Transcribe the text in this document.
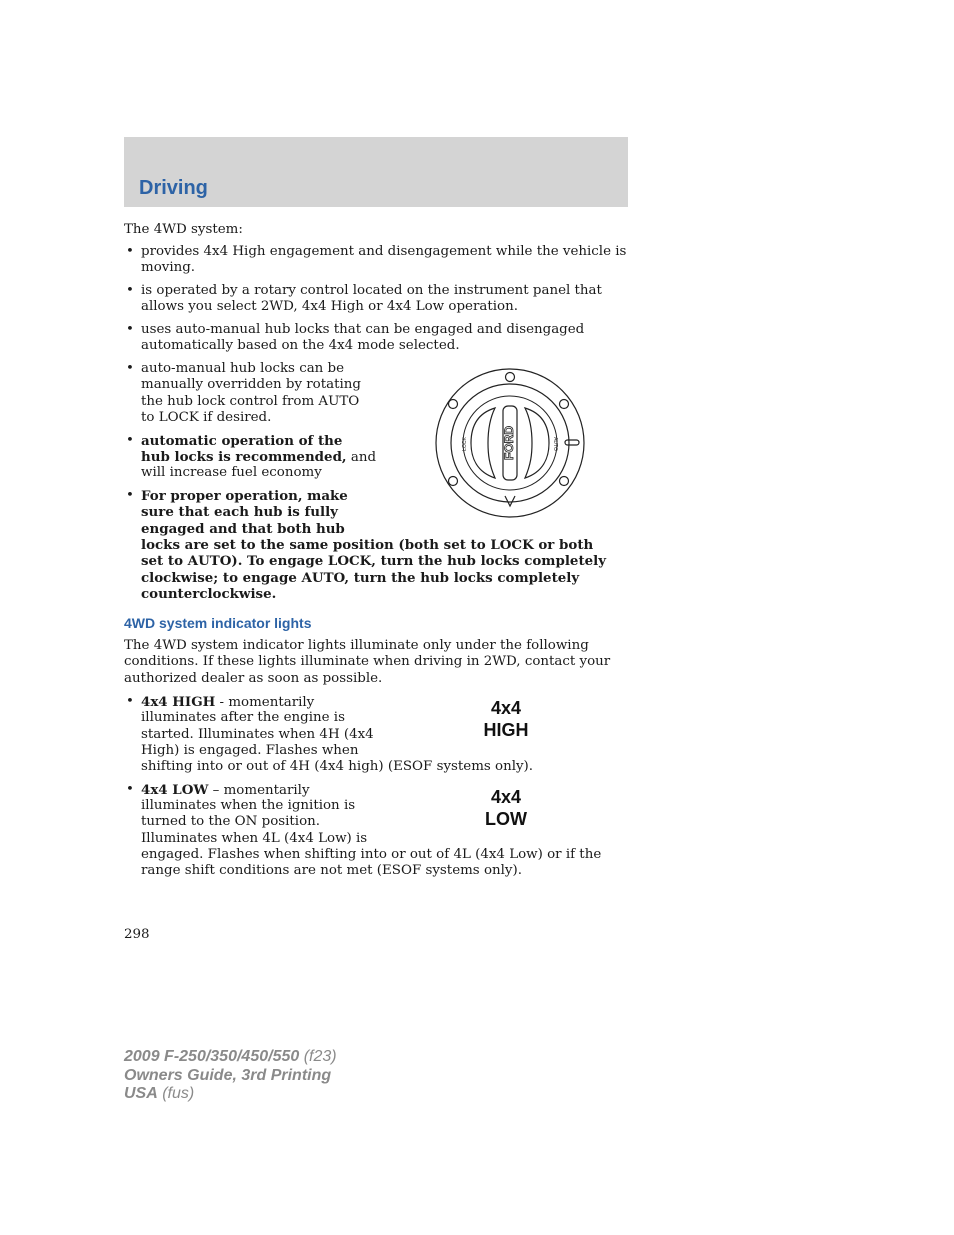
Driving
The 4WD system:
• provides 4x4 High engagement and disengagement while the vehicle is
moving.
• is operated by a rotary control located on the instrument panel that
allows you select 2WD, 4x4 High or 4x4 Low operation.
• uses auto-manual hub locks that can be engaged and disengaged
automatically based on the 4x4 mode selected.
• auto-manual hub locks can be
manually overridden by rotating
the hub lock control from AUTO
to LOCK if desired.
• automatic operation of the
hub locks is recommended, and
will increase fuel economy
• For proper operation, make
sure that each hub is fully
engaged and that both hub
locks are set to the same position (both set to LOCK or both
set to AUTO). To engage LOCK, turn the hub locks completely
clockwise; to engage AUTO, turn the hub locks completely
counterclockwise.
FORD
LOCK	AUTO
4WD system indicator lights
The 4WD system indicator lights illuminate only under the following
conditions. If these lights illuminate when driving in 2WD, contact your
authorized dealer as soon as possible.
• 4x4 HIGH - momentarily
illuminates after the engine is
started. Illuminates when 4H (4x4
High) is engaged. Flashes when
shifting into or out of 4H (4x4 high) (ESOF systems only).
4x4
HIGH
• 4x4 LOW – momentarily
illuminates when the ignition is
turned to the ON position.
Illuminates when 4L (4x4 Low) is
engaged. Flashes when shifting into or out of 4L (4x4 Low) or if the
range shift conditions are not met (ESOF systems only).
4x4
LOW
298
2009 F-250/350/450/550 (f23)
Owners Guide, 3rd Printing
USA (fus)
